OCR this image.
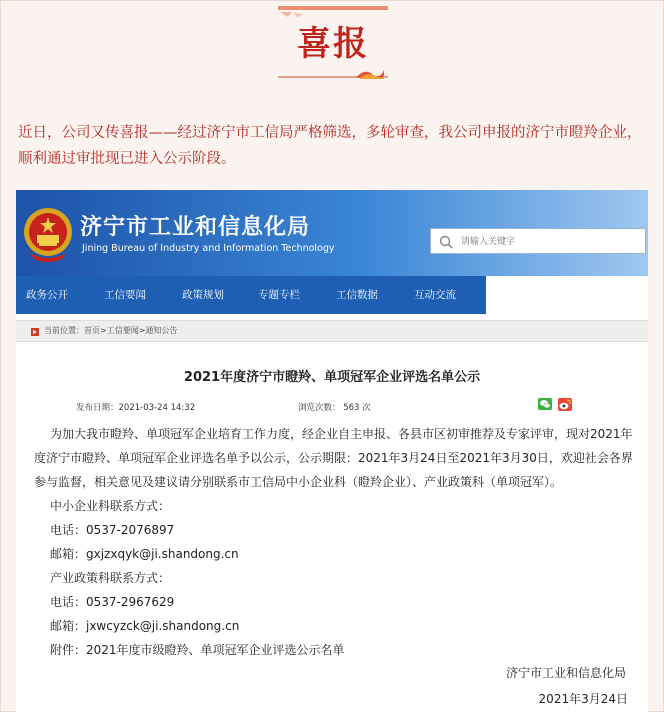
喜报
近日，公司又传喜报——经过济宁市工信局严格筛选，多轮审查，我公司申报的济宁市瞪羚企业，顺利通过审批现已进入公示阶段。
济宁市工业和信息化局
Jining Bureau of Industry and Information Technology
请输入关键字
政务公开	工信要闻	政策规划	专题专栏	工信数据	互动交流
当前位置：首页>工信要闻>通知公告
2021年度济宁市瞪羚、单项冠军企业评选名单公示
发布日期：2021-03-24 14:32	浏览次数： 563 次

为加大我市瞪羚、单项冠军企业培育工作力度，经企业自主申报、各县市区初审推荐及专家评审，现对2021年度济宁市瞪羚、单项冠军企业评选名单予以公示，公示期限：2021年3月24日至2021年3月30日，欢迎社会各界参与监督，相关意见及建议请分别联系市工信局中小企业科（瞪羚企业）、产业政策科（单项冠军）。

中小企业科联系方式：

电话：0537-2076897

邮箱：gxjzxqyk@ji.shandong.cn

产业政策科联系方式：

电话：0537-2967629

邮箱：jxwcyzck@ji.shandong.cn

附件：2021年度市级瞪羚、单项冠军企业评选公示名单

济宁市工业和信息化局
2021年3月24日
